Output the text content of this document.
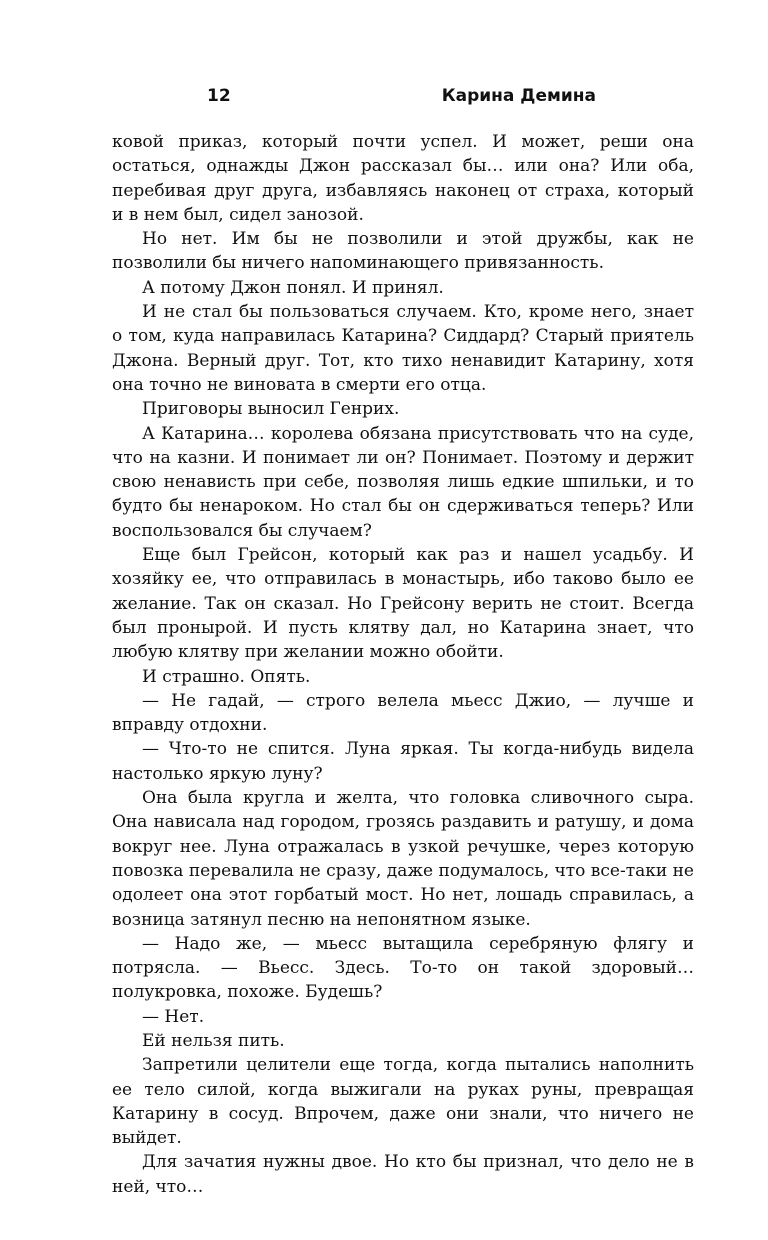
12	Карина Демина

ковой приказ, который почти успел. И может, реши она остаться, однажды Джон рассказал бы… или она? Или оба, перебивая друг друга, избавляясь наконец от страха, который и в нем был, сидел занозой.

Но нет. Им бы не позволили и этой дружбы, как не позволили бы ничего напоминающего привязанность.

А потому Джон понял. И принял.

И не стал бы пользоваться случаем. Кто, кроме него, знает о том, куда направилась Катарина? Сиддард? Старый приятель Джона. Верный друг. Тот, кто тихо ненавидит Катарину, хотя она точно не виновата в смерти его отца.

Приговоры выносил Генрих.

А Катарина… королева обязана присутствовать что на суде, что на казни. И понимает ли он? Понимает. Поэтому и держит свою ненависть при себе, позволяя лишь едкие шпильки, и то будто бы ненароком. Но стал бы он сдерживаться теперь? Или воспользовался бы случаем?

Еще был Грейсон, который как раз и нашел усадьбу. И хозяйку ее, что отправилась в монастырь, ибо таково было ее желание. Так он сказал. Но Грейсону верить не стоит. Всегда был пронырой. И пусть клятву дал, но Катарина знает, что любую клятву при желании можно обойти.

И страшно. Опять.

— Не гадай, — строго велела мьесс Джио, — лучше и вправду отдохни.

— Что-то не спится. Луна яркая. Ты когда-нибудь видела настолько яркую луну?

Она была кругла и желта, что головка сливочного сыра. Она нависала над городом, грозясь раздавить и ратушу, и дома вокруг нее. Луна отражалась в узкой речушке, через которую повозка перевалила не сразу, даже подумалось, что все-таки не одолеет она этот горбатый мост. Но нет, лошадь справилась, а возница затянул песню на непонятном языке.

— Надо же, — мьесс вытащила серебряную флягу и потрясла. — Вьесс. Здесь. То-то он такой здоровый… полукровка, похоже. Будешь?

— Нет.

Ей нельзя пить.

Запретили целители еще тогда, когда пытались наполнить ее тело силой, когда выжигали на руках руны, превращая Катарину в сосуд. Впрочем, даже они знали, что ничего не выйдет.

Для зачатия нужны двое. Но кто бы признал, что дело не в ней, что…
